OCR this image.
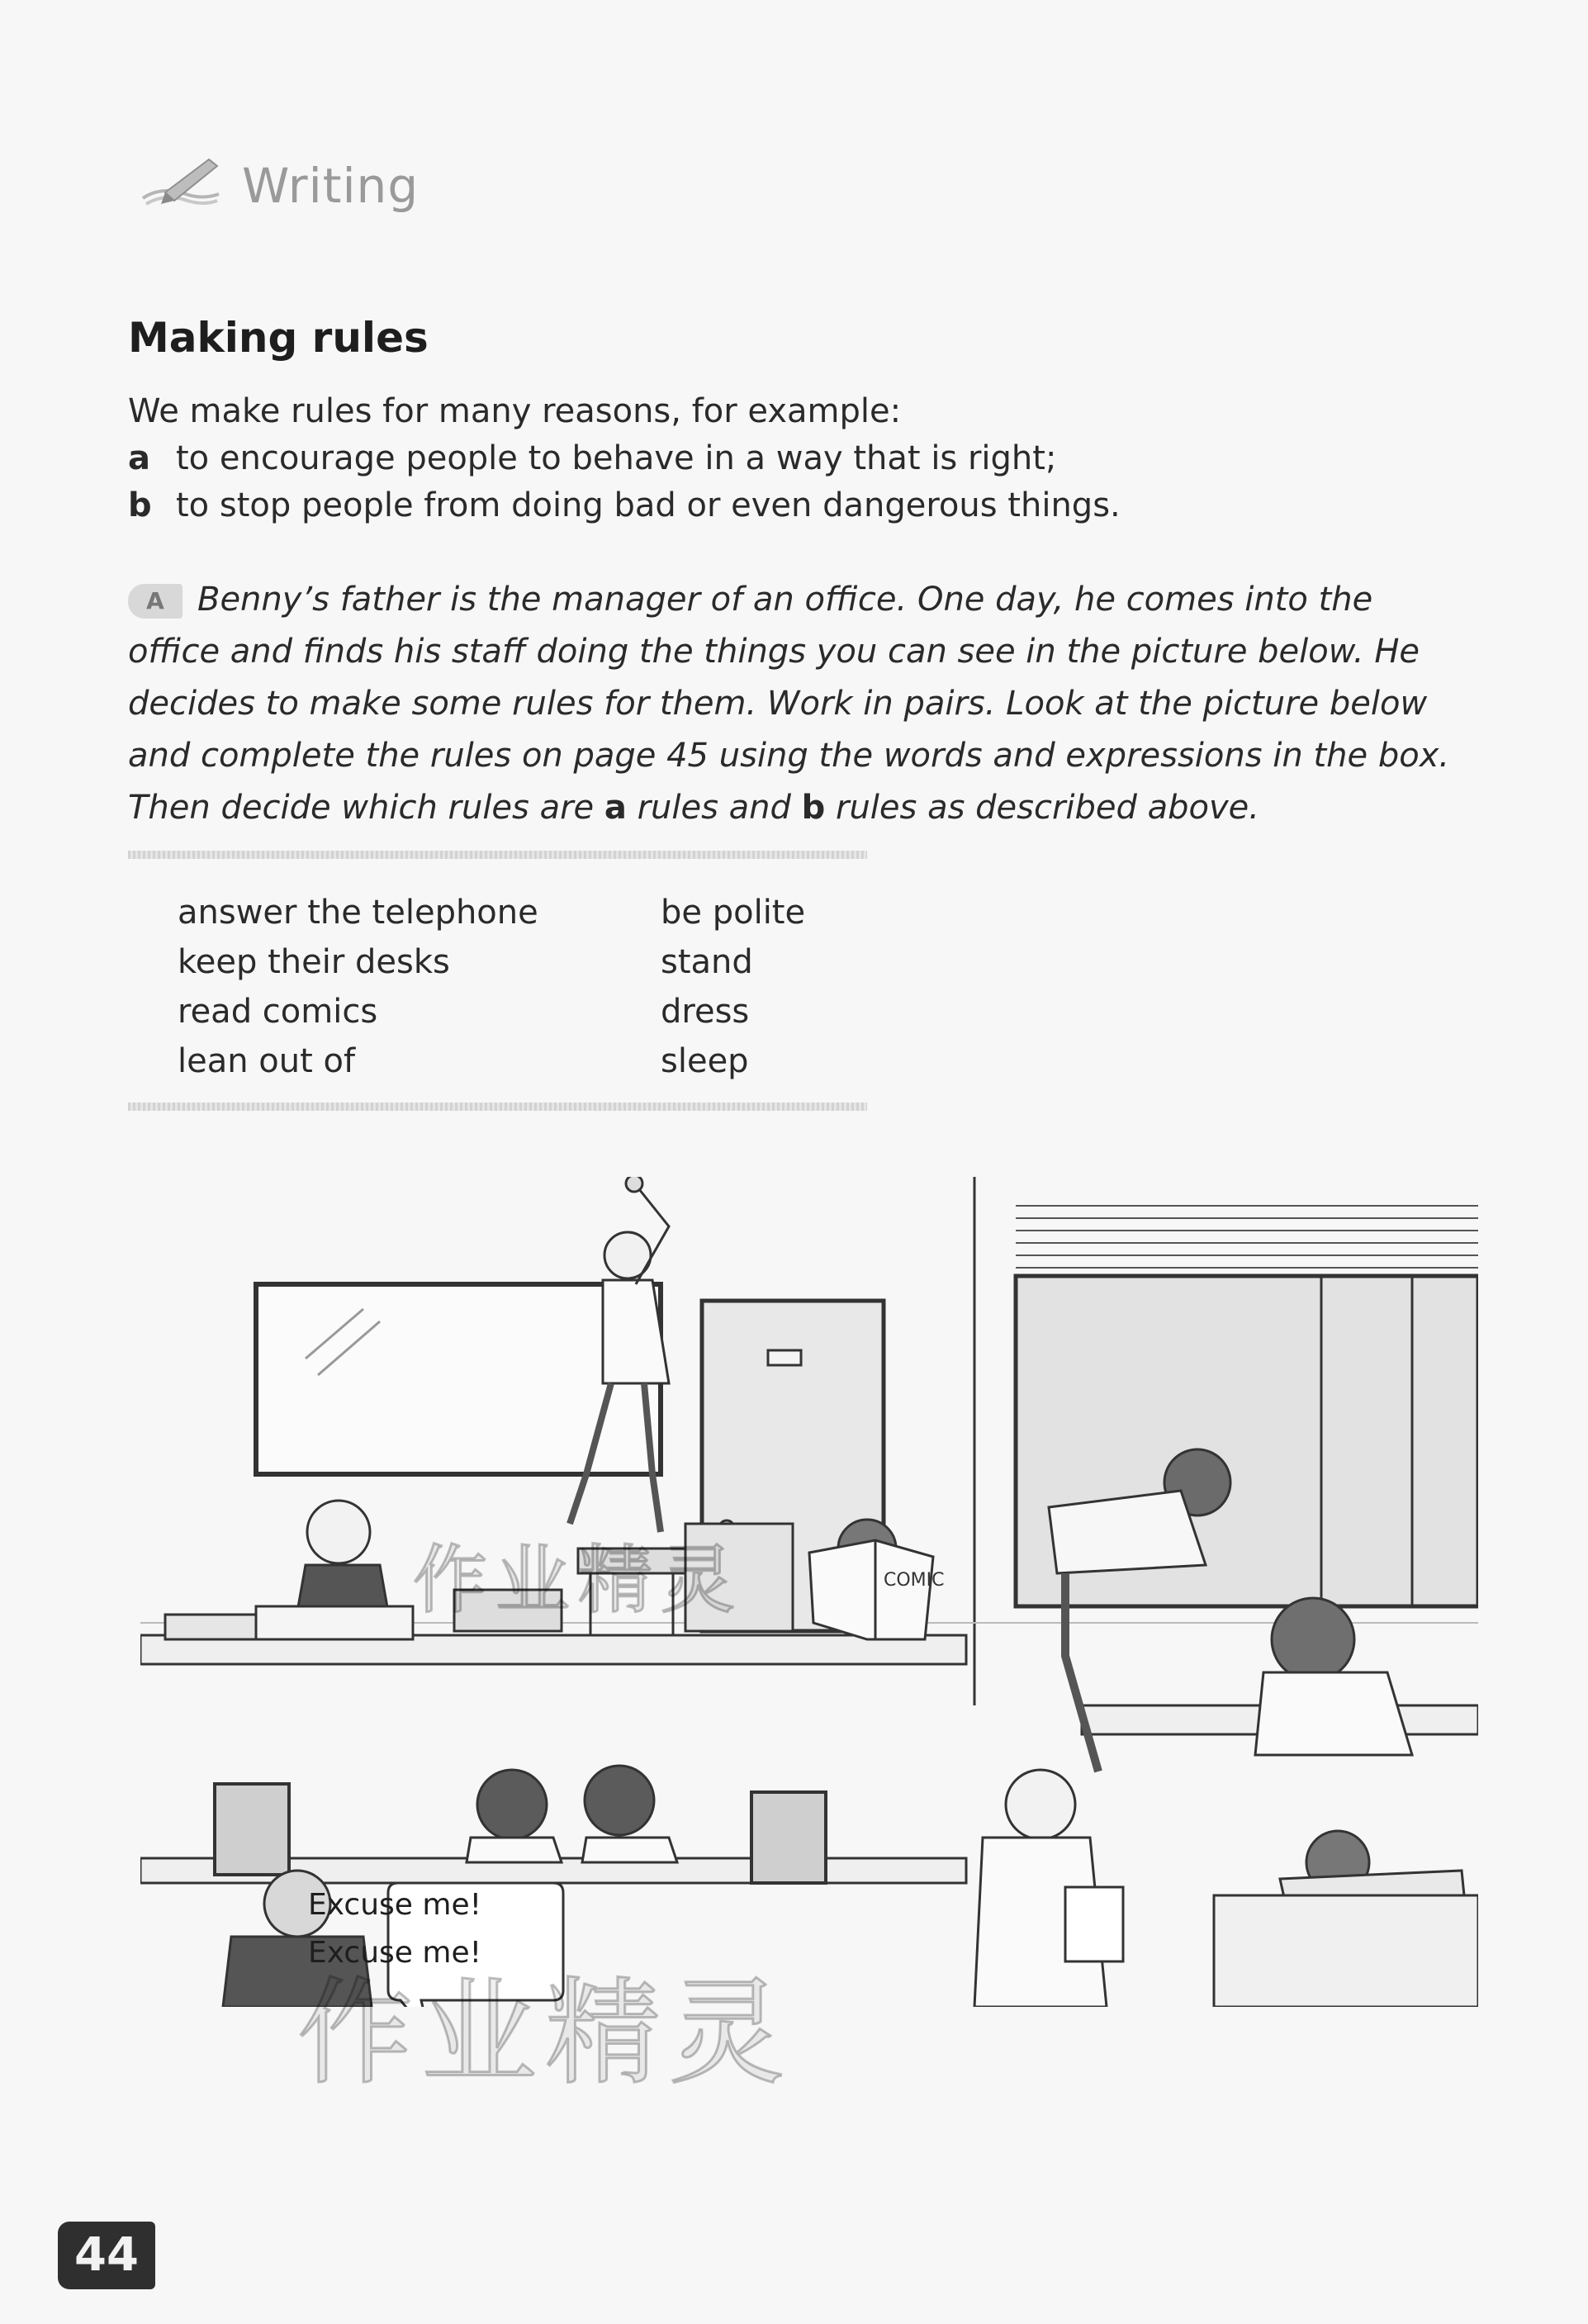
Writing
Making rules
We make rules for many reasons, for example:
a to encourage people to behave in a way that is right;
b to stop people from doing bad or even dangerous things.
A Benny’s father is the manager of an office. One day, he comes into the office and finds his staff doing the things you can see in the picture below. He decides to make some rules for them. Work in pairs. Look at the picture below and complete the rules on page 45 using the words and expressions in the box. Then decide which rules are a rules and b rules as described above.
answer the telephone	be polite
keep their desks	stand
read comics	dress
lean out of	sleep
COMIC
Excuse me!
Excuse me!
作业精灵
作业精灵
44
